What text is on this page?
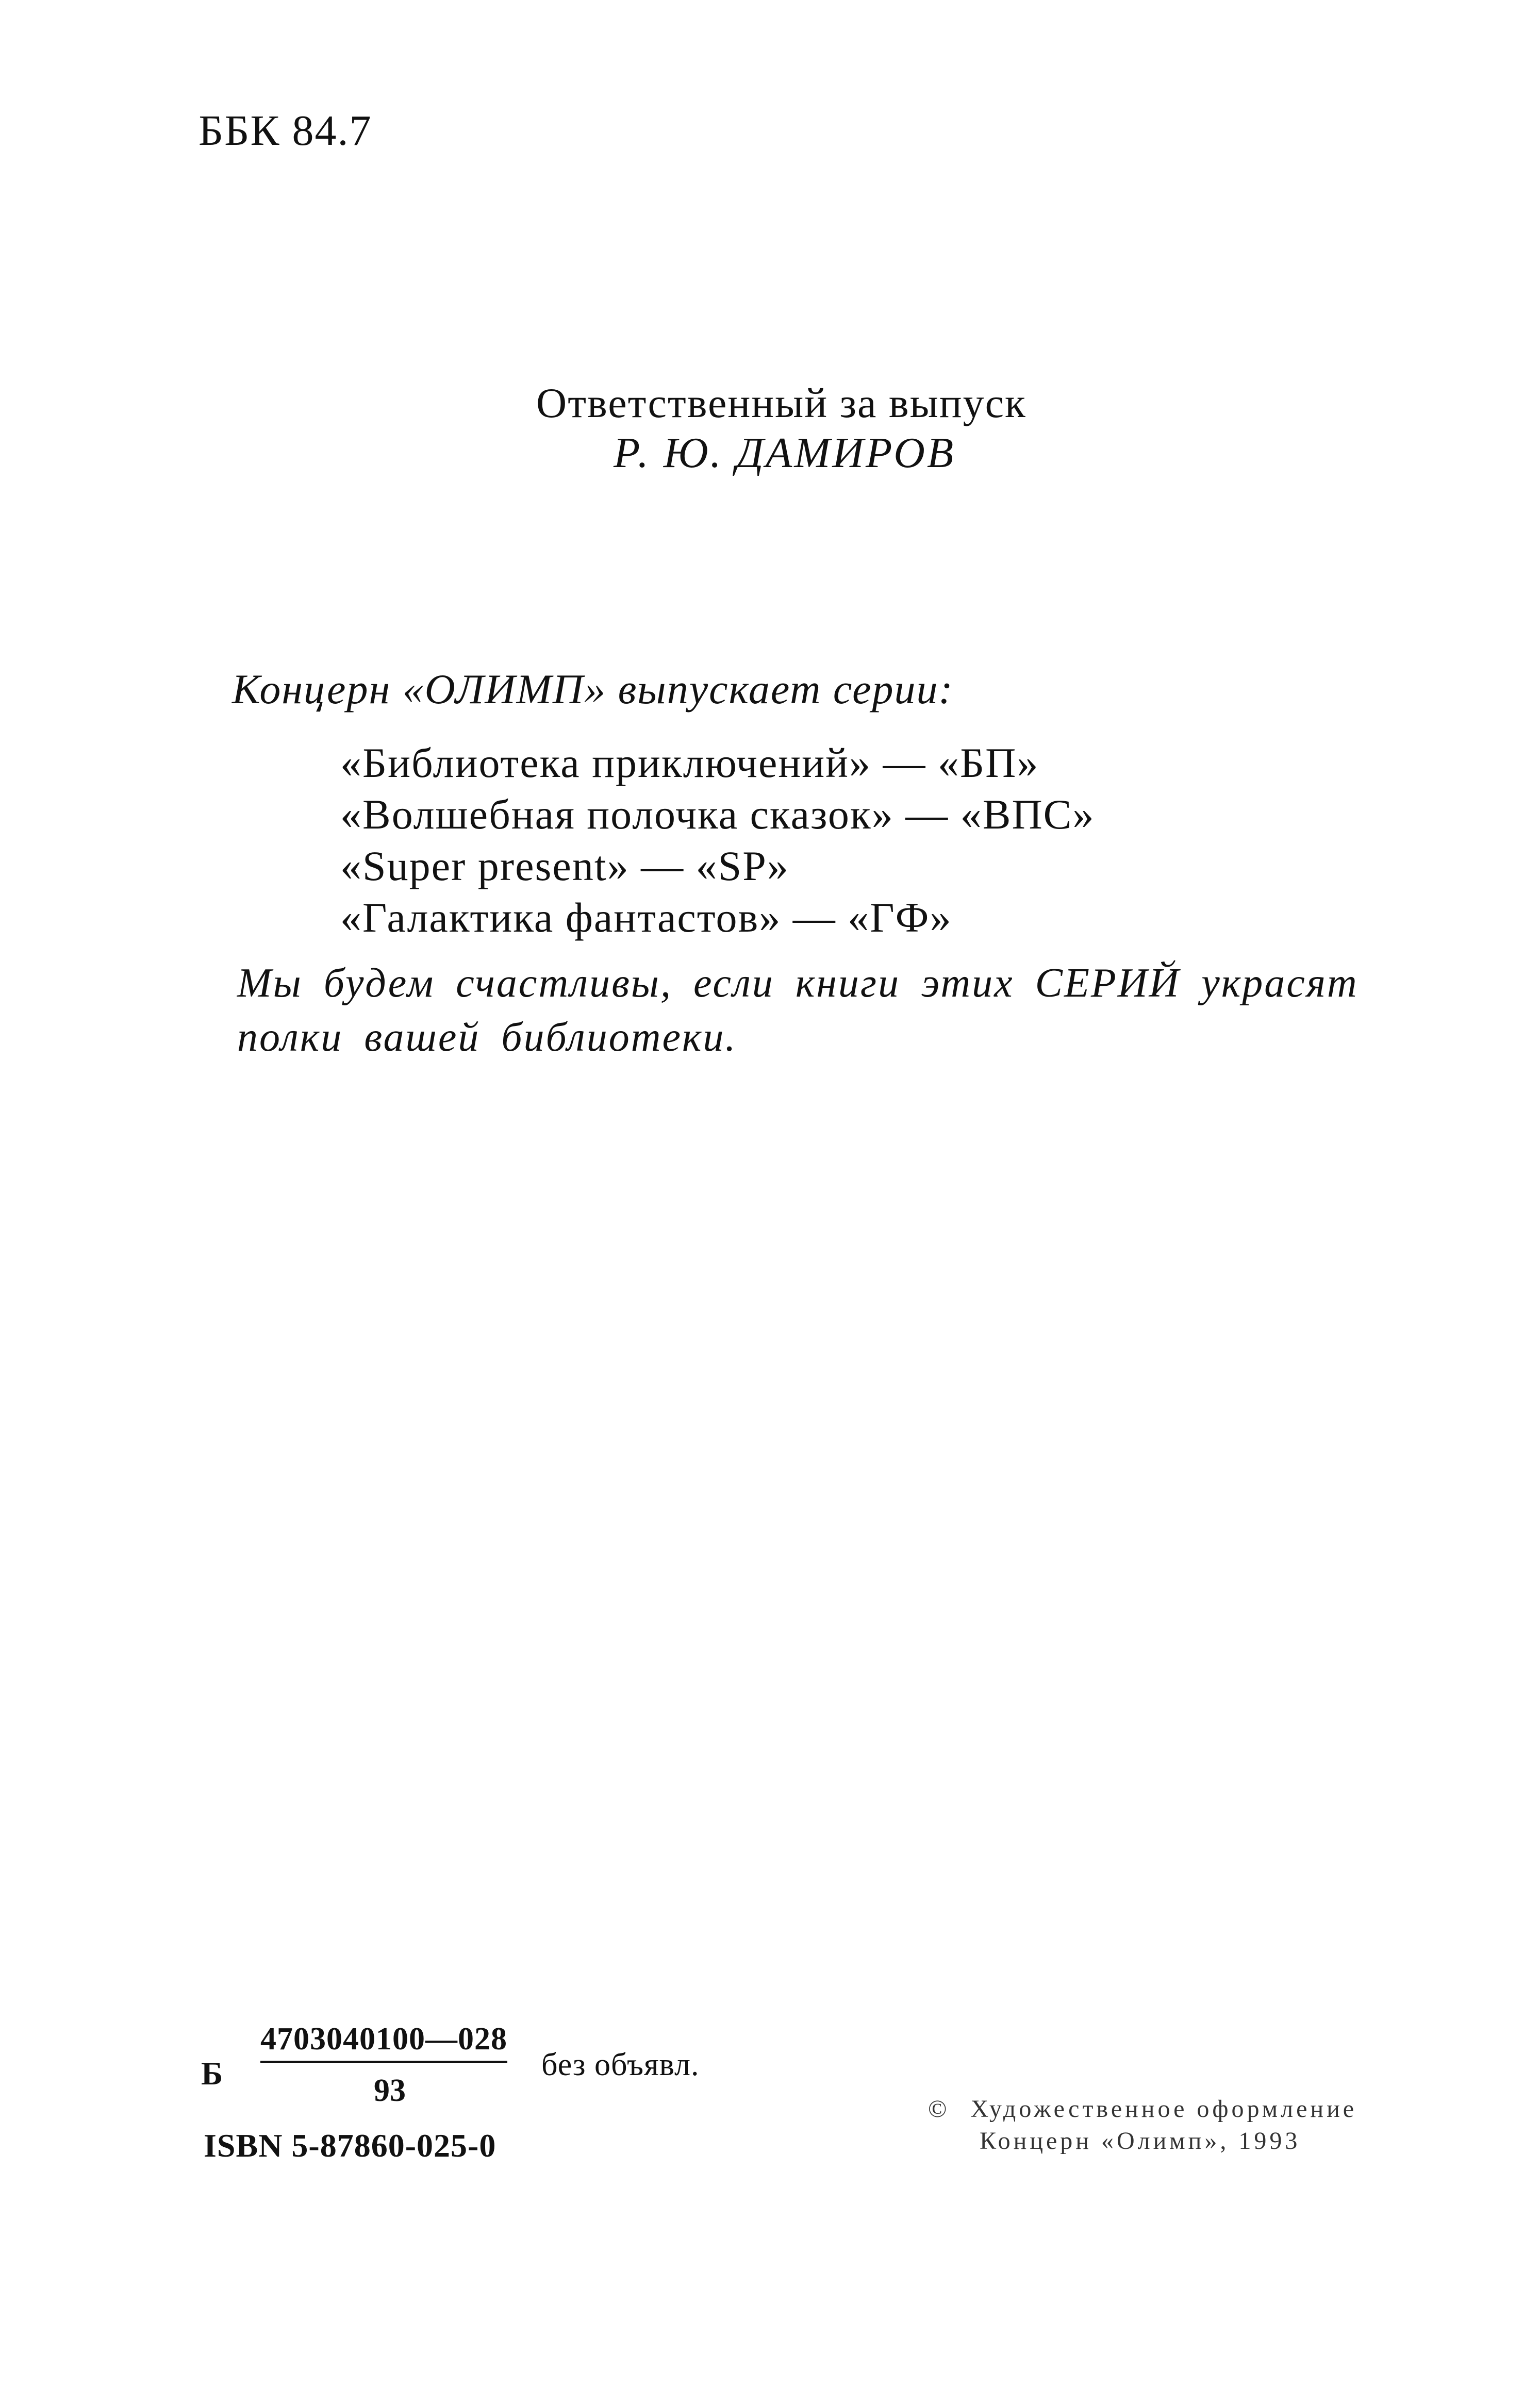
ББК 84.7
Ответственный за выпуск
Р. Ю. ДАМИРОВ
Концерн «ОЛИМП» выпускает серии:
«Библиотека приключений» — «БП»
«Волшебная полочка сказок» — «ВПС»
«Super present» — «SP»
«Галактика фантастов» — «ГФ»
Мы будем счастливы, если книги этих СЕРИЙ украсят полки вашей библиотеки.
Б
4703040100—028
93
без объявл.
ISBN 5-87860-025-0
© Художественное оформление
Концерн «Олимп», 1993
